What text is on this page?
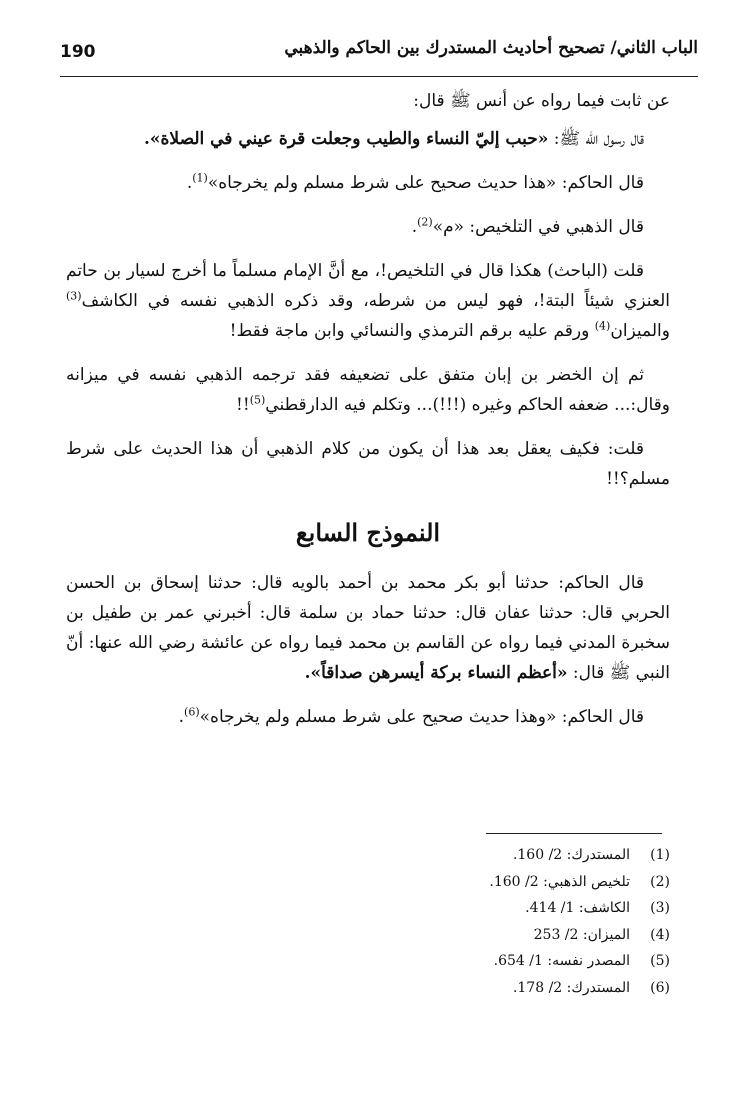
190	الباب الثاني/ تصحيح أحاديث المستدرك بين الحاكم والذهبي

عن ثابت فيما رواه عن أنس ﷺ قال:

قال رسول الله ﷺ: «حبب إليّ النساء والطيب وجعلت قرة عيني في الصلاة».

قال الحاكم: «هذا حديث صحيح على شرط مسلم ولم يخرجاه»$^{(1)}$.

قال الذهبي في التلخيص: «م»$^{(2)}$.

قلت (الباحث) هكذا قال في التلخيص!، مع أنَّ الإمام مسلماً ما أخرج لسيار بن حاتم العنزي شيئاً البتة!، فهو ليس من شرطه، وقد ذكره الذهبي نفسه في الكاشف$^{(3)}$ والميزان$^{(4)}$ ورقم عليه برقم الترمذي والنسائي وابن ماجة فقط!

ثم إن الخضر بن إبان متفق على تضعيفه فقد ترجمه الذهبي نفسه في ميزانه وقال:... ضعفه الحاكم وغيره (!!!)... وتكلم فيه الدارقطني$^{(5)}$!!

قلت: فكيف يعقل بعد هذا أن يكون من كلام الذهبي أن هذا الحديث على شرط مسلم؟!!

النموذج السابع

قال الحاكم: حدثنا أبو بكر محمد بن أحمد بالويه قال: حدثنا إسحاق بن الحسن الحربي قال: حدثنا عفان قال: حدثنا حماد بن سلمة قال: أخبرني عمر بن طفيل بن سخبرة المدني فيما رواه عن القاسم بن محمد فيما رواه عن عائشة رضي الله عنها: أنّ النبي ﷺ قال: «أعظم النساء بركة أيسرهن صداقاً».

قال الحاكم: «وهذا حديث صحيح على شرط مسلم ولم يخرجاه»$^{(6)}$.

(1)المستدرك: 2/ 160.
(2)تلخيص الذهبي: 2/ 160.
(3)الكاشف: 1/ 414.
(4)الميزان: 2/ 253
(5)المصدر نفسه: 1/ 654.
(6)المستدرك: 2/ 178.
